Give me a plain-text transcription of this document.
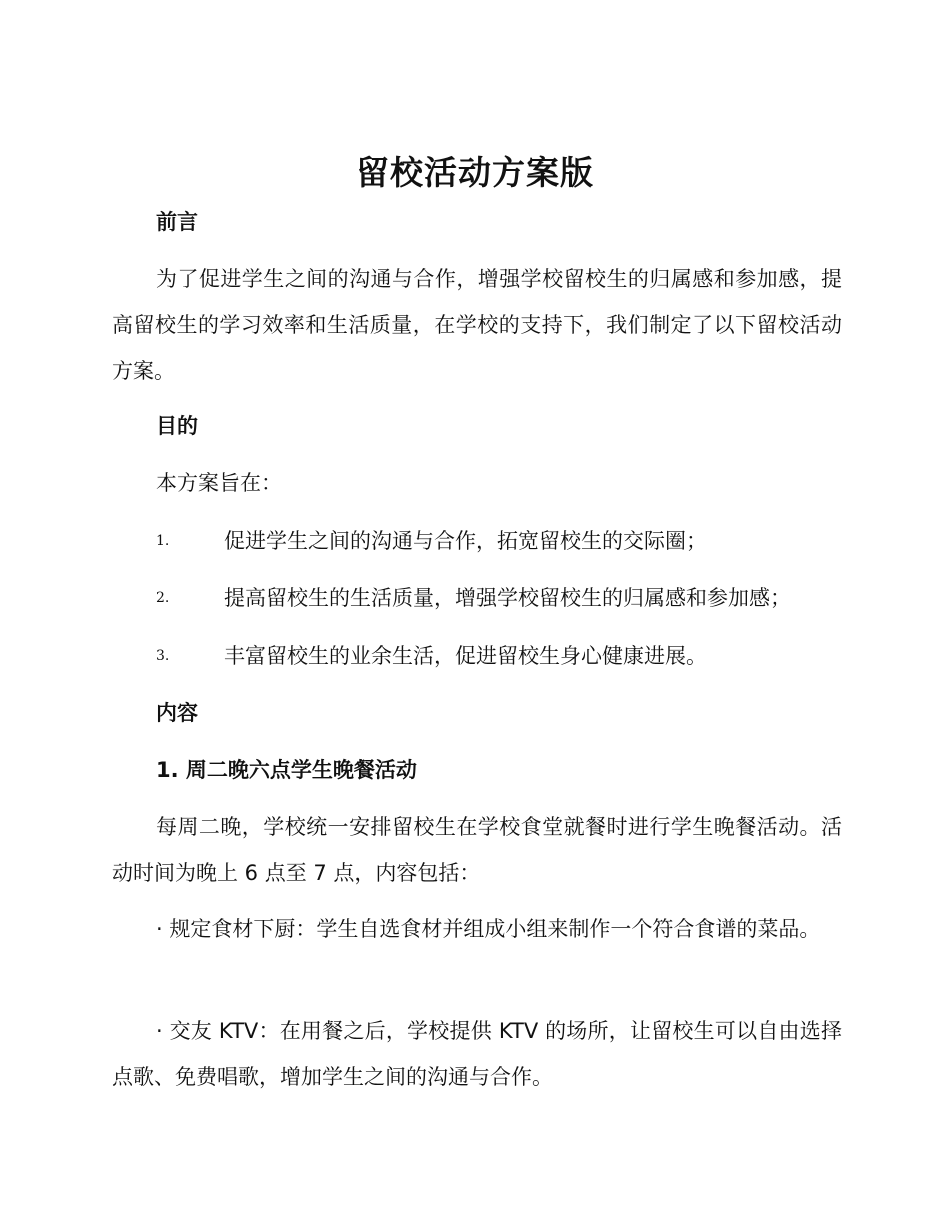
留校活动方案版
前言

为了促进学生之间的沟通与合作，增强学校留校生的归属感和参加感，提高留校生的学习效率和生活质量，在学校的支持下，我们制定了以下留校活动方案。

目的
本方案旨在：
1.	促进学生之间的沟通与合作，拓宽留校生的交际圈；
2.	提高留校生的生活质量，增强学校留校生的归属感和参加感；
3.	丰富留校生的业余生活，促进留校生身心健康进展。
内容
1. 周二晚六点学生晚餐活动

每周二晚，学校统一安排留校生在学校食堂就餐时进行学生晚餐活动。活动时间为晚上 6 点至 7 点，内容包括：

· 规定食材下厨：学生自选食材并组成小组来制作一个符合食谱的菜品。

· 交友 KTV：在用餐之后，学校提供 KTV 的场所，让留校生可以自由选择点歌、免费唱歌，增加学生之间的沟通与合作。
